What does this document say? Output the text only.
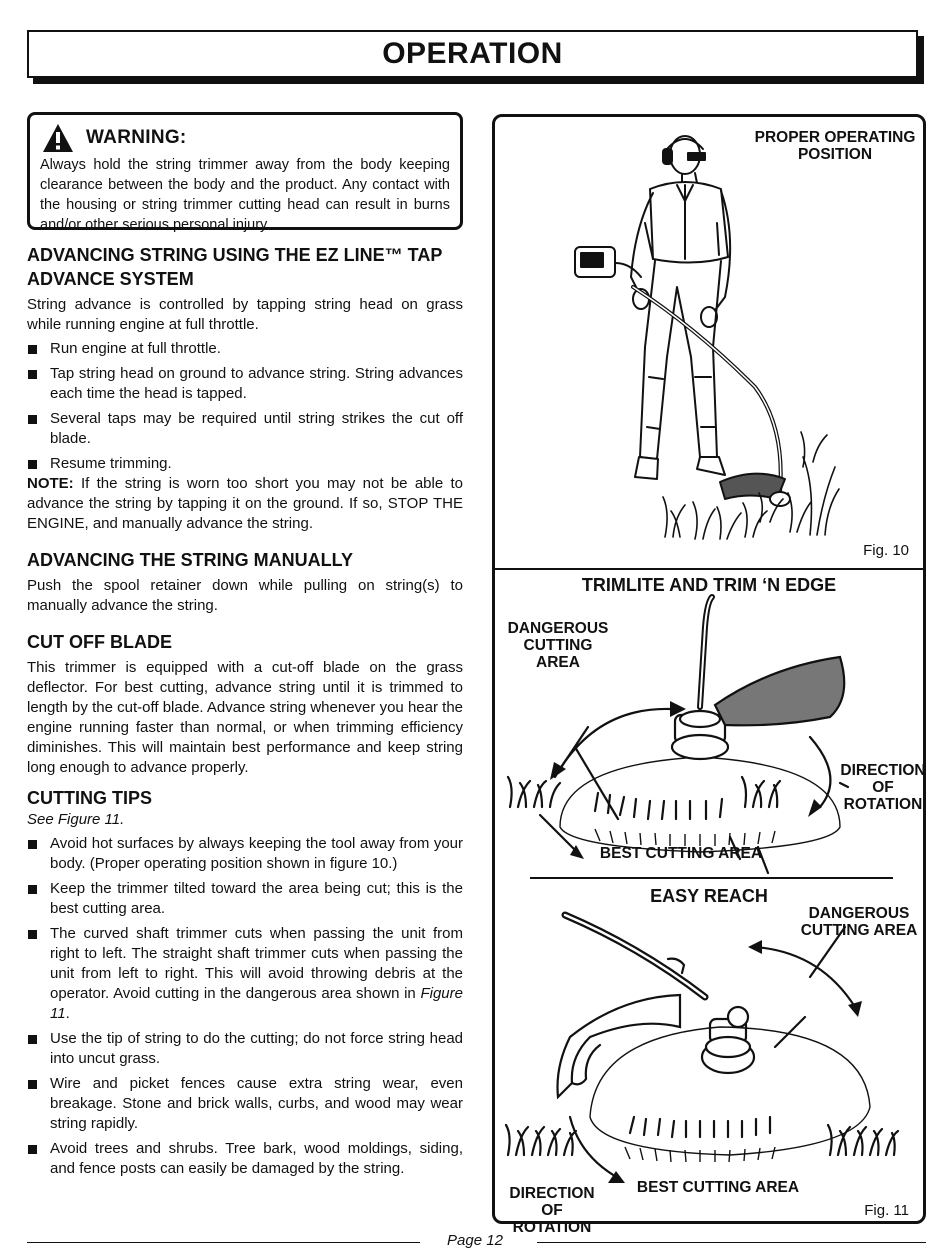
OPERATION
WARNING:
Always hold the string trimmer away from the body keeping clearance between the body and the product. Any contact with the housing or string trimmer cutting head can result in burns and/or other serious personal injury.
ADVANCING STRING USING THE EZ LINE™ TAP ADVANCE SYSTEM

String advance is controlled by tapping string head on grass while running engine at full throttle.

Run engine at full throttle.
Tap string head on ground to advance string. String advances each time the head is tapped.
Several taps may be required until string strikes the cut off blade.
Resume trimming.

NOTE: If the string is worn too short you may not be able to advance the string by tapping it on the ground. If so, STOP THE ENGINE, and manually advance the string.

ADVANCING THE STRING MANUALLY

Push the spool retainer down while pulling on string(s) to manually advance the string.

CUT OFF BLADE

This trimmer is equipped with a cut-off blade on the grass deflector. For best cutting, advance string until it is trimmed to length by the cut-off blade. Advance string whenever you hear the engine running faster than normal, or when trimming efficiency diminishes. This will maintain best performance and keep string long enough to advance properly.

CUTTING TIPS

See Figure 11.

Avoid hot surfaces by always keeping the tool away from your body. (Proper operating position shown in figure 10.)
Keep the trimmer tilted toward the area being cut; this is the best cutting area.
The curved shaft trimmer cuts when passing the unit from right to left. The straight shaft trimmer cuts when passing the unit from left to right. This will avoid throwing debris at the operator. Avoid cutting in the dangerous area shown in Figure 11.
Use the tip of string to do the cutting; do not force string head into uncut grass.
Wire and picket fences cause extra string wear, even breakage. Stone and brick walls, curbs, and wood may wear string rapidly.
Avoid trees and shrubs. Tree bark, wood moldings, siding, and fence posts can easily be damaged by the string.
PROPER OPERATING
POSITION
Fig. 10
TRIMLITE AND TRIM ‘N EDGE
DANGEROUS
CUTTING AREA
DIRECTION
OF
ROTATION
BEST CUTTING AREA
EASY REACH
DANGEROUS
CUTTING AREA
DIRECTION OF
ROTATION
BEST CUTTING AREA
Fig. 11
Page 12
